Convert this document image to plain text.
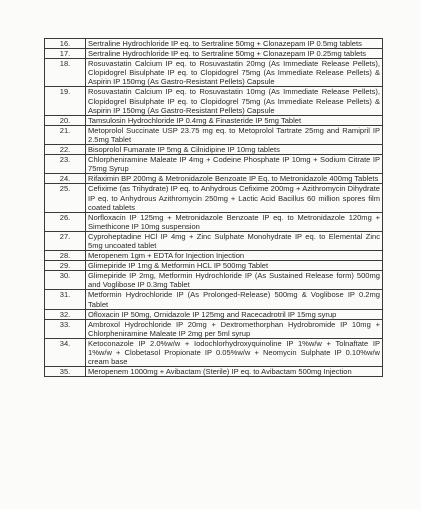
16.	Sertraline Hydrochloride IP eq. to Sertraline 50mg + Clonazepam IP 0.5mg tablets
17.	Sertraline Hydrochloride IP eq. to Sertraline 50mg + Clonazepam IP 0.25mg tablets
18.	Rosuvastatin Calcium IP eq. to Rosuvastatin 20mg (As Immediate Release Pellets), Clopidogrel Bisulphate IP eq. to Clopidogrel 75mg (As Immediate Release Pellets) & Aspirin IP 150mg (As Gastro-Resistant Pellets) Capsule
19.	Rosuvastatin Calcium IP eq. to Rosuvastatin 10mg (As Immediate Release Pellets), Clopidogrel Bisulphate IP eq. to Clopidogrel 75mg (As Immediate Release Pellets) & Aspirin IP 150mg (As Gastro-Resistant Pellets) Capsule
20.	Tamsulosin Hydrochloride IP 0.4mg & Finasteride IP 5mg Tablet
21.	Metoprolol Succinate USP 23.75 mg eq. to Metoprolol Tartrate 25mg and Ramipril IP 2.5mg Tablet
22.	Bisoprolol Fumarate IP 5mg & Cilnidipine IP 10mg tablets
23.	Chlorpheniramine Maleate IP 4mg + Codeine Phosphate IP 10mg + Sodium Citrate IP 75mg Syrup
24.	Rifaximin BP 200mg & Metronidazole Benzoate IP Eq. to Metronidazole 400mg Tablets
25.	Cefixime (as Trihydrate) IP eq. to Anhydrous Cefixime 200mg + Azithromycin Dihydrate IP eq. to Anhydrous Azithromycin 250mg + Lactic Acid Bacillus 60 million spores film coated tablets
26.	Norfloxacin IP 125mg + Metronidazole Benzoate IP eq. to Metronidazole 120mg + Simethicone IP 10mg suspension
27.	Cyproheptadine HCl IP 4mg + Zinc Sulphate Monohydrate IP eq. to Elemental Zinc 5mg uncoated tablet
28.	Meropenem 1gm + EDTA for Injection Injection
29.	Glimepiride IP 1mg & Metformin HCL IP 500mg Tablet
30.	Glimepiride IP 2mg, Metformin Hydrochloride IP (As Sustained Release form) 500mg and Voglibose IP 0.3mg Tablet
31.	Metformin Hydrochloride IP (As Prolonged-Release) 500mg & Voglibose IP 0.2mg Tablet
32.	Ofloxacin IP 50mg, Ornidazole IP 125mg and Racecadrotril IP 15mg syrup
33.	Ambroxol Hydrochloride IP 20mg + Dextromethorphan Hydrobromide IP 10mg + Chlorpheniramine Maleate IP 2mg per 5ml syrup
34.	Ketoconazole IP 2.0%w/w + Iodochlorhydroxyquinoline IP 1%w/w + Tolnaftate IP 1%w/w + Clobetasol Propionate IP 0.05%w/w + Neomycin Sulphate IP 0.10%w/w cream base
35.	Meropenem 1000mg + Avibactam (Sterile) IP eq. to Avibactam 500mg Injection
